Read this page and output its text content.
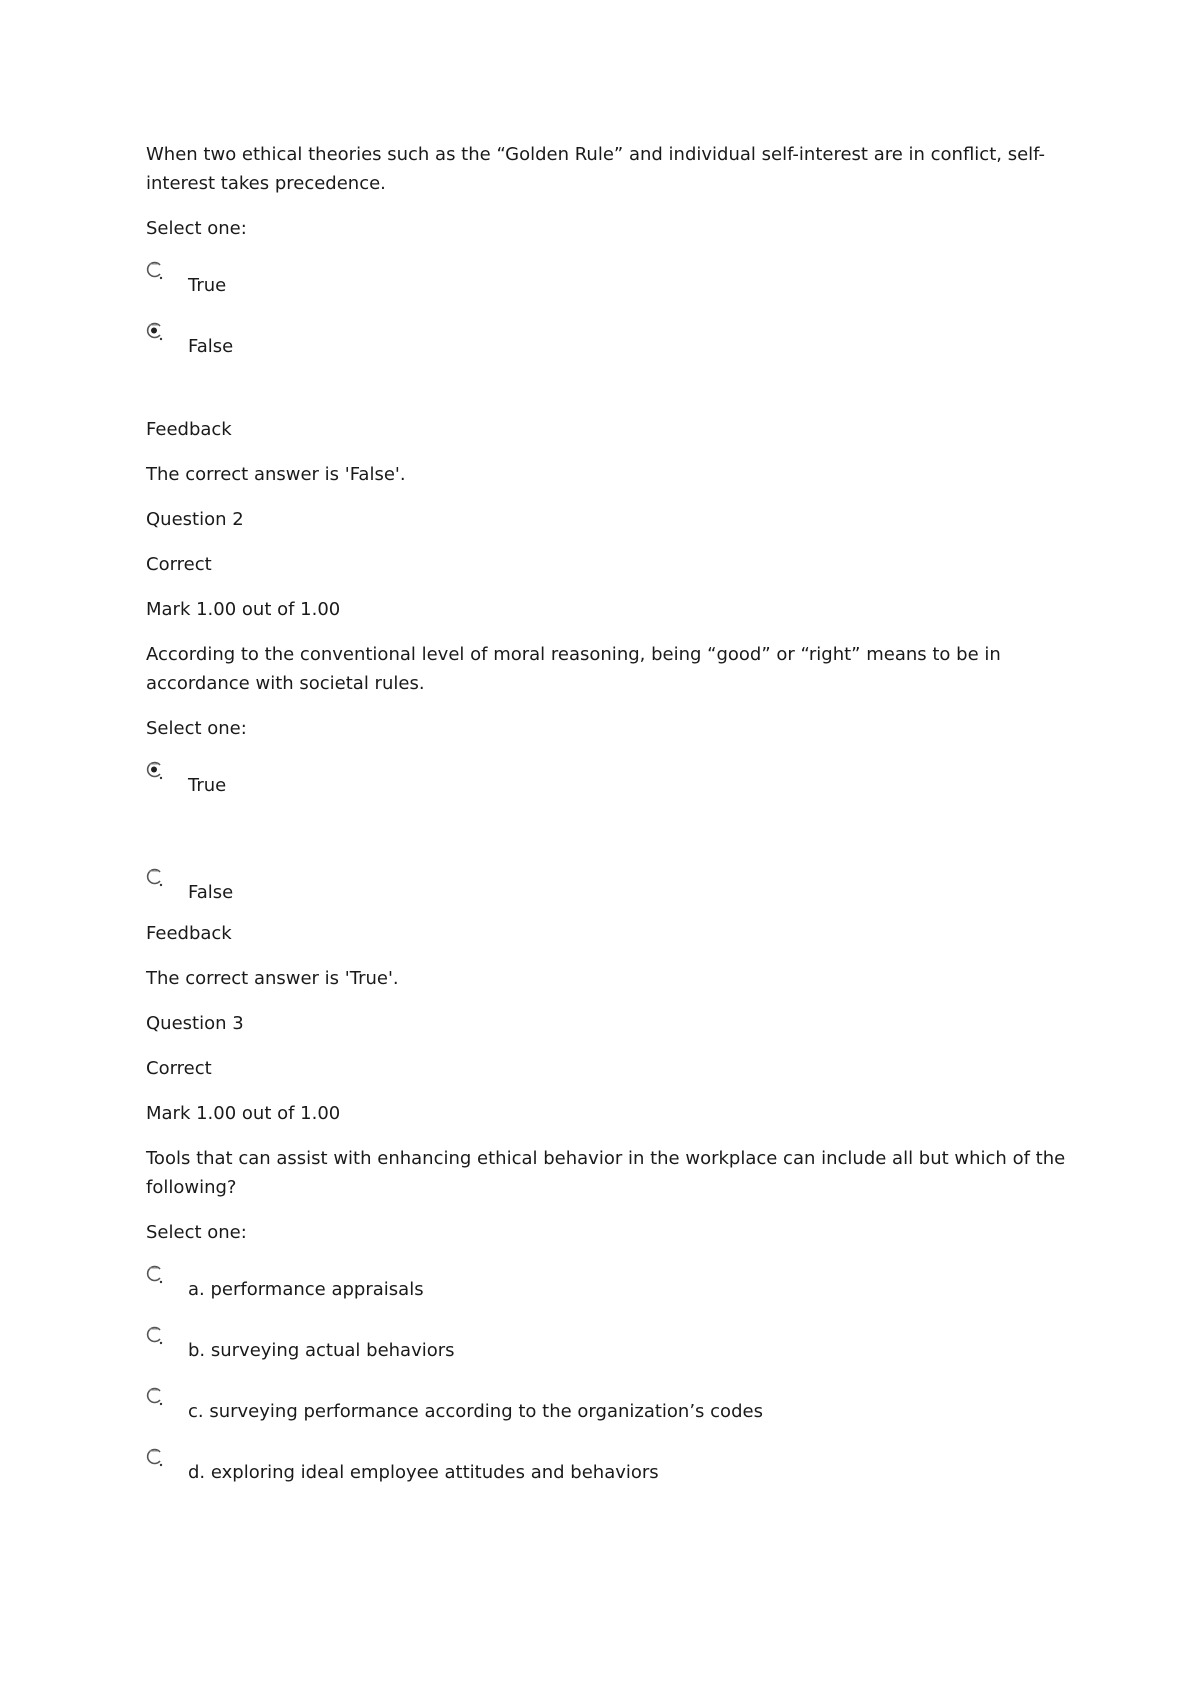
When two ethical theories such as the “Golden Rule” and individual self-interest are in conflict, self-interest takes precedence.

Select one:

True
False

Feedback

The correct answer is 'False'.

Question 2

Correct

Mark 1.00 out of 1.00

According to the conventional level of moral reasoning, being “good” or “right” means to be in accordance with societal rules.

Select one:

True
False

Feedback

The correct answer is 'True'.

Question 3

Correct

Mark 1.00 out of 1.00

Tools that can assist with enhancing ethical behavior in the workplace can include all but which of the following?

Select one:

a. performance appraisals
b. surveying actual behaviors
c. surveying performance according to the organization’s codes
d. exploring ideal employee attitudes and behaviors
